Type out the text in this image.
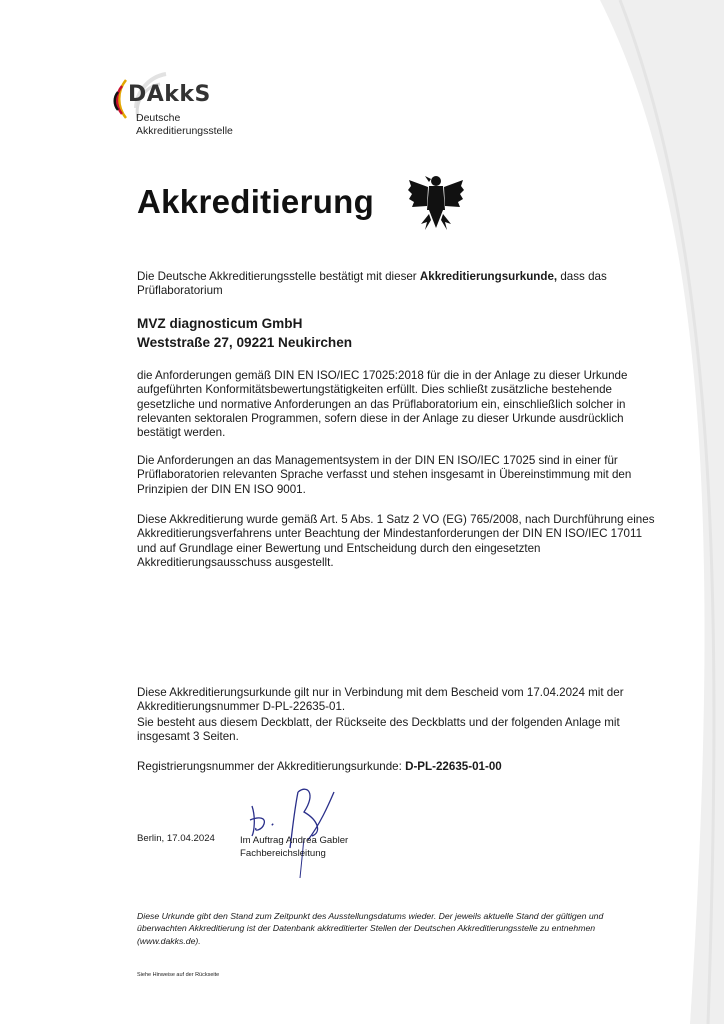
DAkkS
Deutsche
Akkreditierungsstelle
Akkreditierung

Die Deutsche Akkreditierungsstelle bestätigt mit dieser Akkreditierungsurkunde, dass das Prüflaboratorium

MVZ diagnosticum GmbH
Weststraße 27, 09221 Neukirchen

die Anforderungen gemäß DIN EN ISO/IEC 17025:2018 für die in der Anlage zu dieser Urkunde aufgeführten Konformitätsbewertungstätigkeiten erfüllt. Dies schließt zusätzliche bestehende gesetzliche und normative Anforderungen an das Prüflaboratorium ein, einschließlich solcher in relevanten sektoralen Programmen, sofern diese in der Anlage zu dieser Urkunde ausdrücklich bestätigt werden.

Die Anforderungen an das Managementsystem in der DIN EN ISO/IEC 17025 sind in einer für Prüflaboratorien relevanten Sprache verfasst und stehen insgesamt in Übereinstimmung mit den Prinzipien der DIN EN ISO 9001.

Diese Akkreditierung wurde gemäß Art. 5 Abs. 1 Satz 2 VO (EG) 765/2008, nach Durchführung eines Akkreditierungsverfahrens unter Beachtung der Mindestanforderungen der DIN EN ISO/IEC 17011 und auf Grundlage einer Bewertung und Entscheidung durch den eingesetzten Akkreditierungsausschuss ausgestellt.

Diese Akkreditierungsurkunde gilt nur in Verbindung mit dem Bescheid vom 17.04.2024 mit der Akkreditierungsnummer D-PL-22635-01.

Sie besteht aus diesem Deckblatt, der Rückseite des Deckblatts und der folgenden Anlage mit insgesamt 3 Seiten.

Registrierungsnummer der Akkreditierungsurkunde: D-PL-22635-01-00

Berlin, 17.04.2024	Im Auftrag Andrea Gabler
Fachbereichsleitung

Diese Urkunde gibt den Stand zum Zeitpunkt des Ausstellungsdatums wieder. Der jeweils aktuelle Stand der gültigen und überwachten Akkreditierung ist der Datenbank akkreditierter Stellen der Deutschen Akkreditierungsstelle zu entnehmen (www.dakks.de).

Siehe Hinweise auf der Rückseite
